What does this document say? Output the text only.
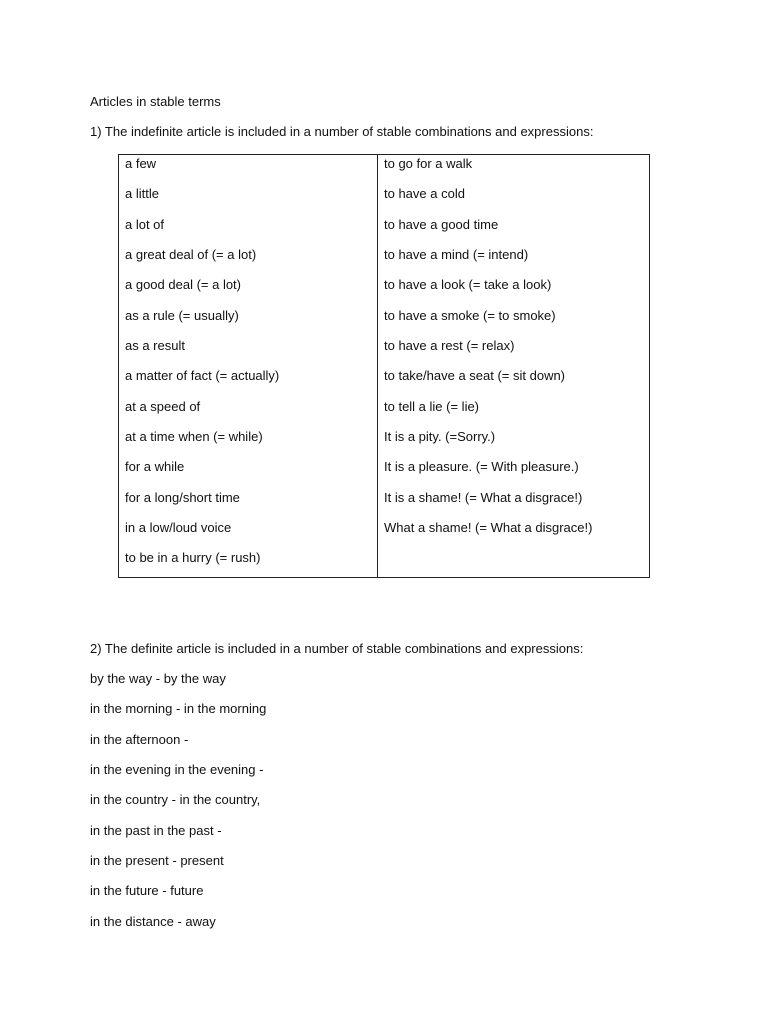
Articles in stable terms
1) The indefinite article is included in a number of stable combinations and expressions:
a few
a little
a lot of
a great deal of (= a lot)
a good deal (= a lot)
as a rule (= usually)
as a result
a matter of fact (= actually)
at a speed of
at a time when (= while)
for a while
for a long/short time
in a low/loud voice
to be in a hurry (= rush)
to go for a walk
to have a cold
to have a good time
to have a mind (= intend)
to have a look (= take a look)
to have a smoke (= to smoke)
to have a rest (= relax)
to take/have a seat (= sit down)
to tell a lie (= lie)
It is a pity. (=Sorry.)
It is a pleasure. (= With pleasure.)
It is a shame! (= What a disgrace!)
What a shame! (= What a disgrace!)
2) The definite article is included in a number of stable combinations and expressions:
by the way - by the way
in the morning - in the morning
in the afternoon -
in the evening in the evening -
in the country - in the country,
in the past in the past -
in the present - present
in the future - future
in the distance - away
